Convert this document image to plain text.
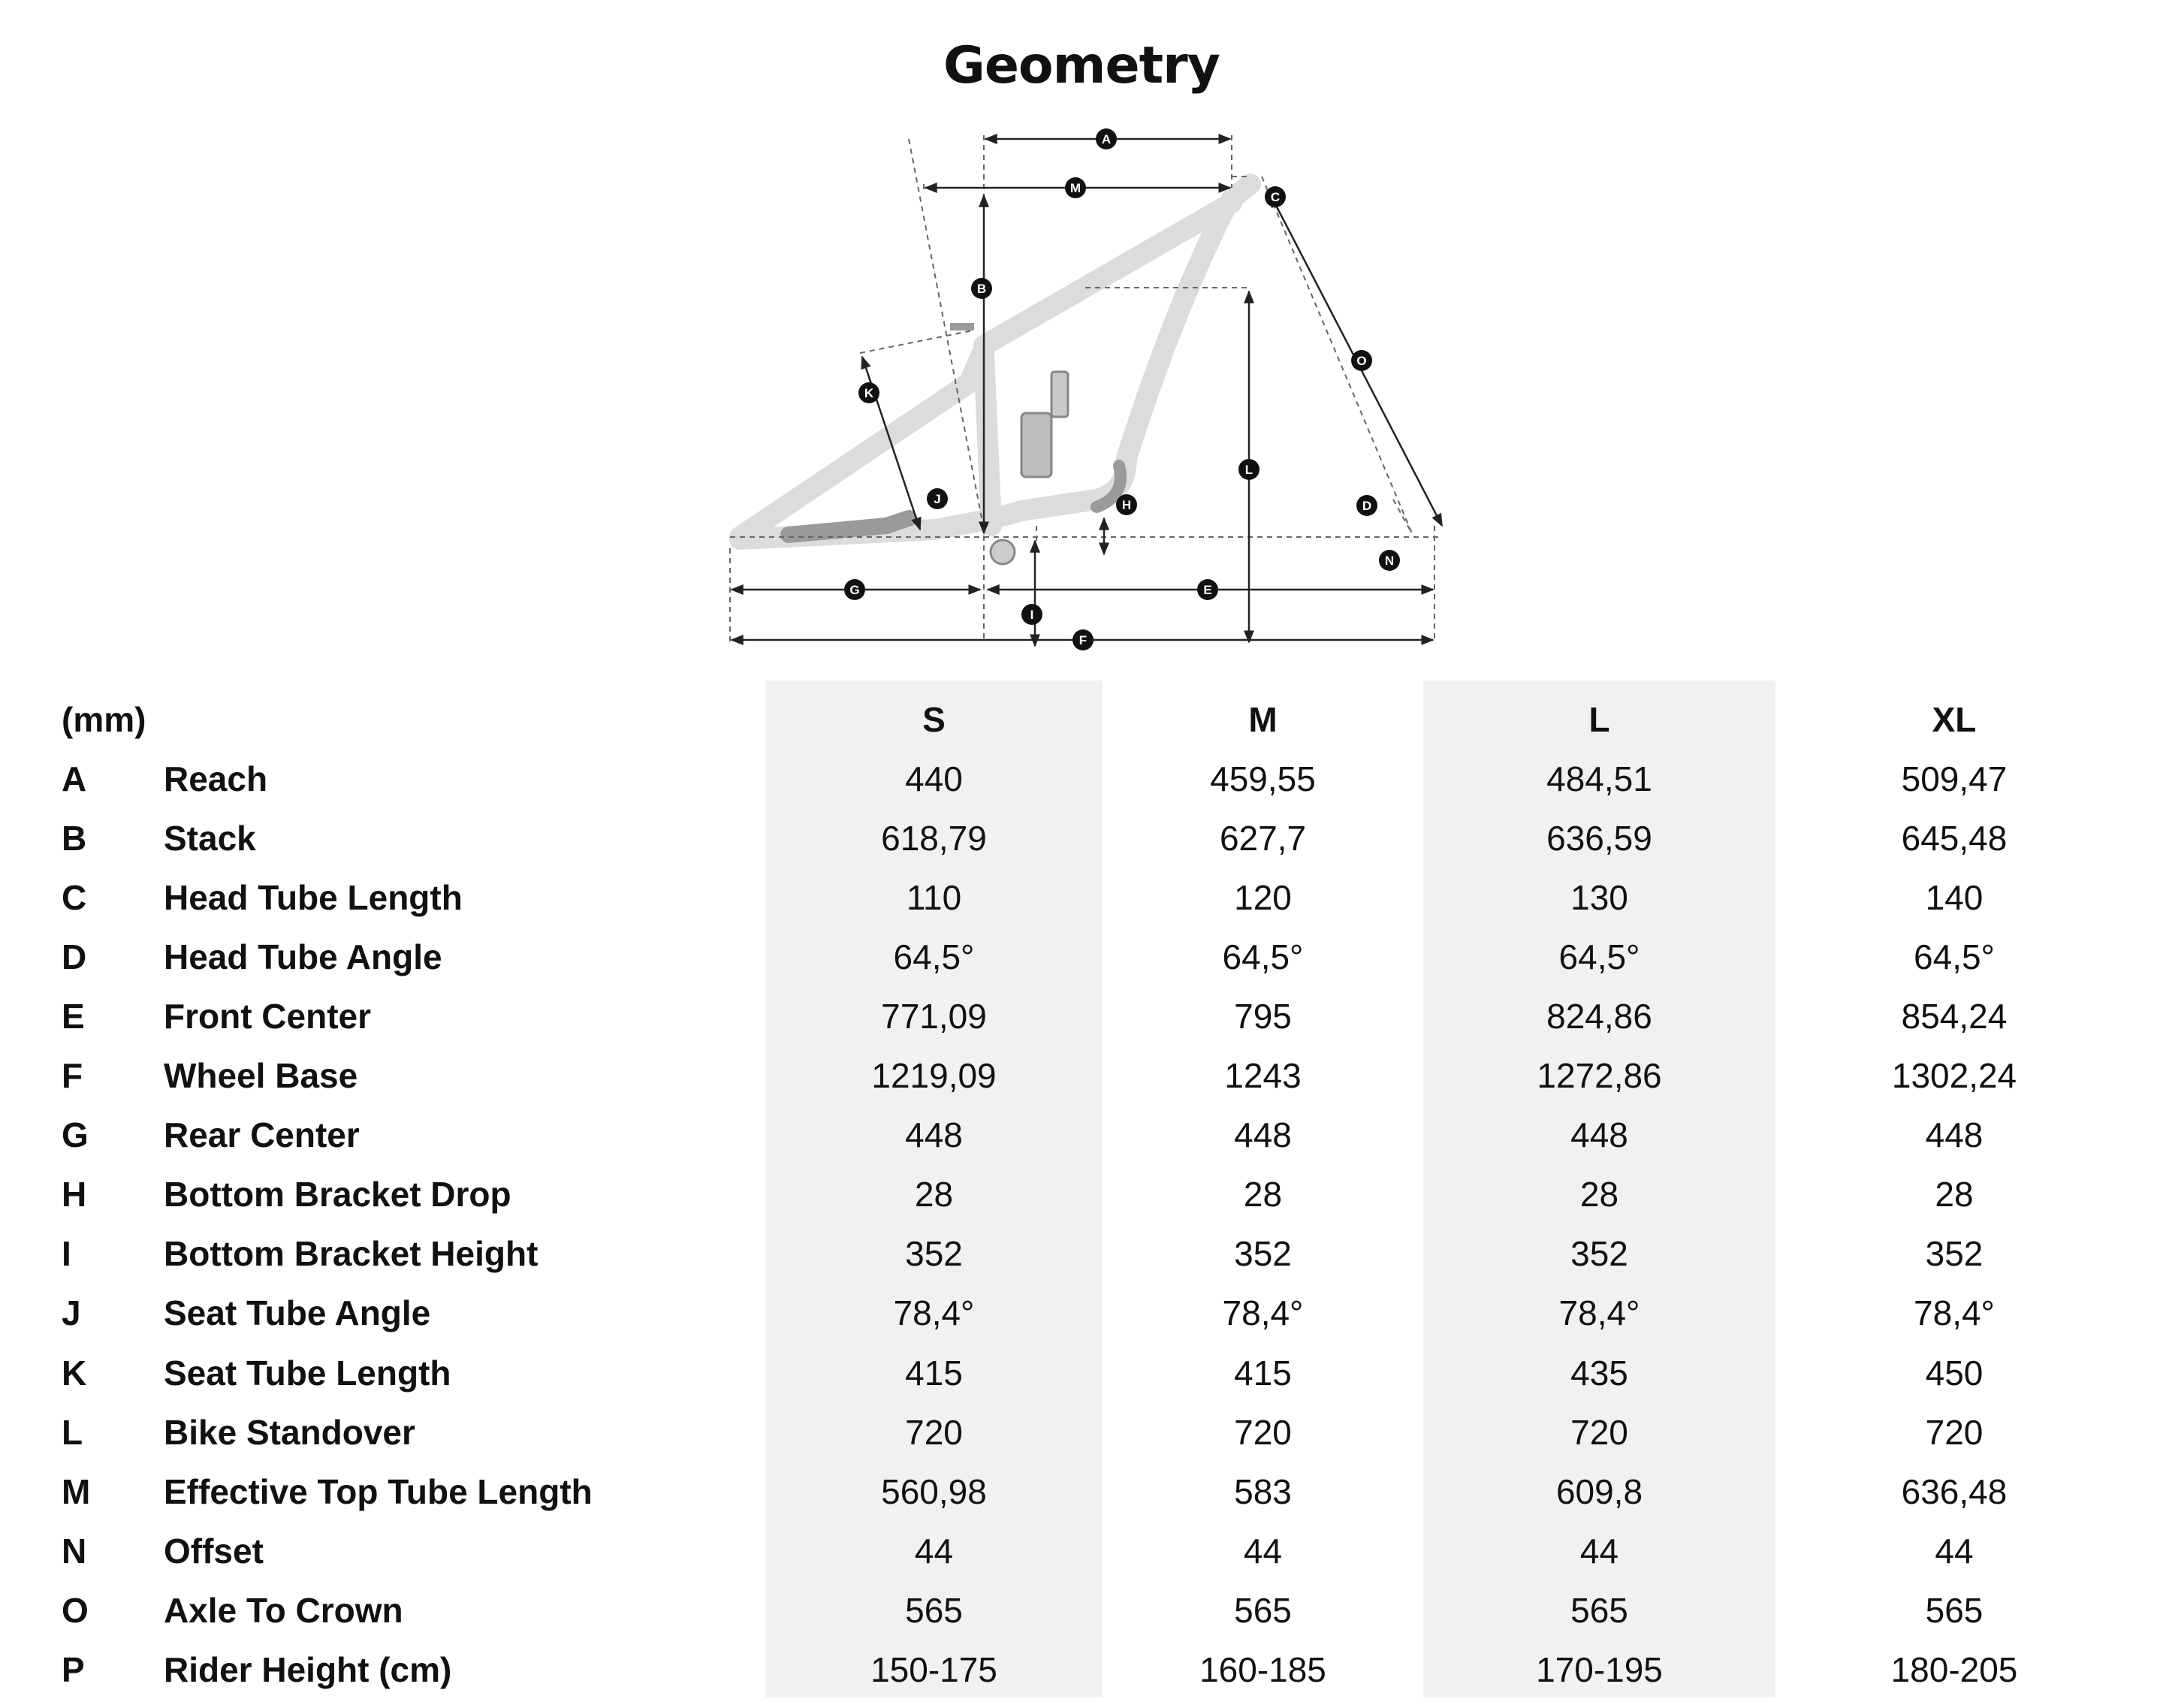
Geometry
A
M
C
B
O
K
L
J	H	D
N
G	E
I
F
(mm)		S	M	L	XL
A	Reach	440	459,55	484,51	509,47
B	Stack	618,79	627,7	636,59	645,48
C	Head Tube Length	110	120	130	140
D	Head Tube Angle	64,5°	64,5°	64,5°	64,5°
E	Front Center	771,09	795	824,86	854,24
F	Wheel Base	1219,09	1243	1272,86	1302,24
G	Rear Center	448	448	448	448
H	Bottom Bracket Drop	28	28	28	28
I	Bottom Bracket Height	352	352	352	352
J	Seat Tube Angle	78,4°	78,4°	78,4°	78,4°
K	Seat Tube Length	415	415	435	450
L	Bike Standover	720	720	720	720
M	Effective Top Tube Length	560,98	583	609,8	636,48
N	Offset	44	44	44	44
O	Axle To Crown	565	565	565	565
P	Rider Height (cm)	150-175	160-185	170-195	180-205
